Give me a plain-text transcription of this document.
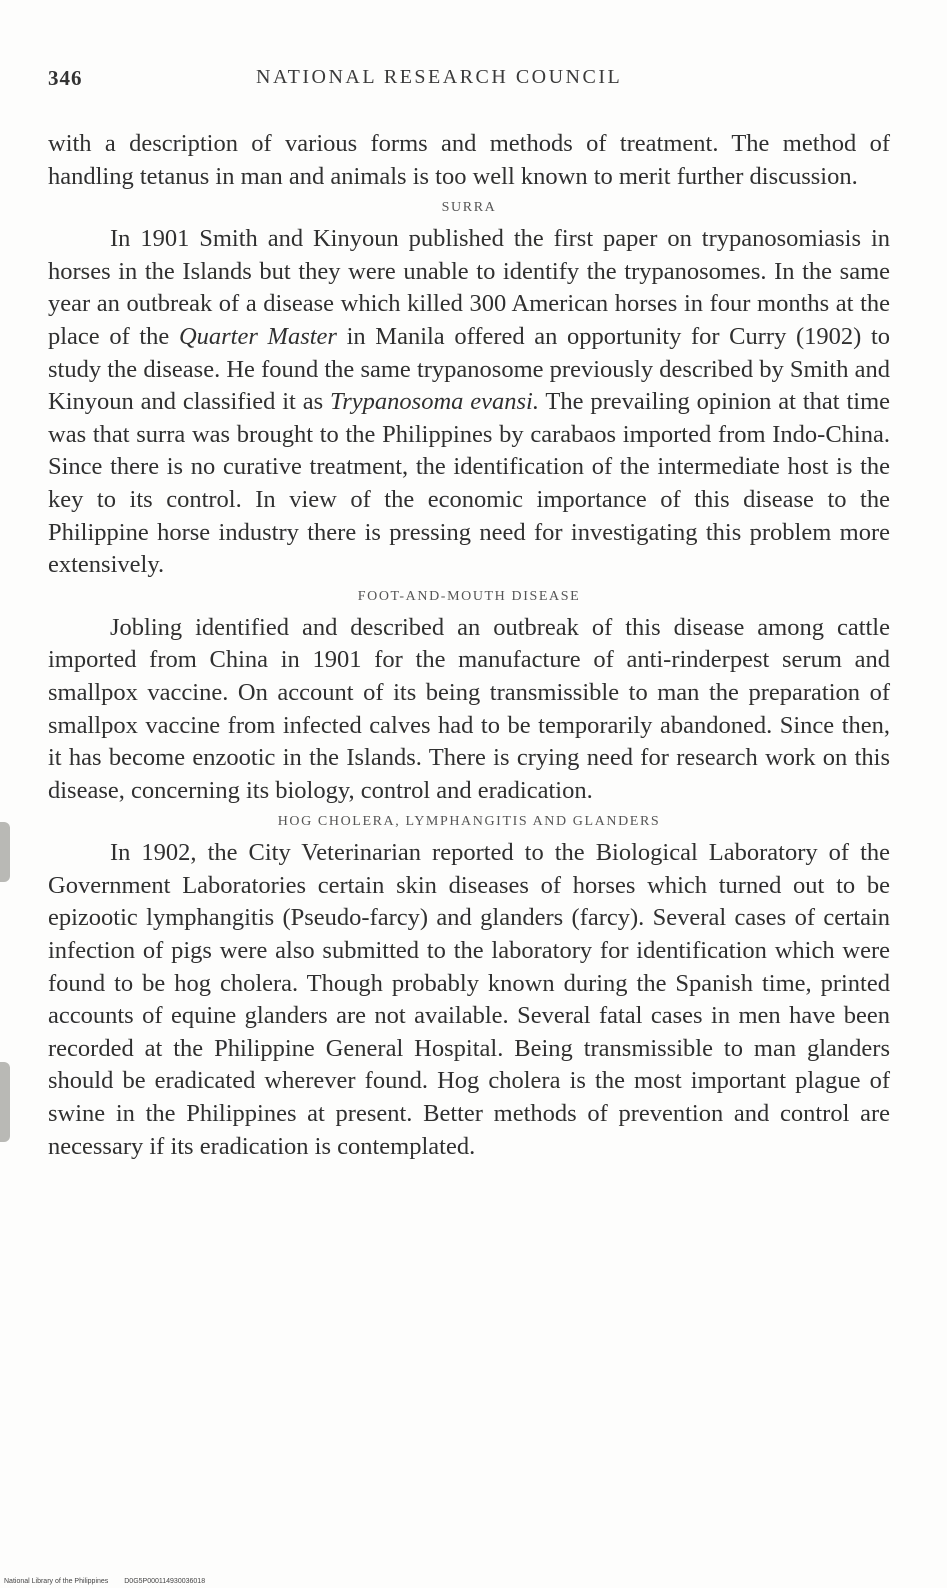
346	NATIONAL RESEARCH COUNCIL

with a description of various forms and methods of treatment. The method of handling tetanus in man and animals is too well known to merit further discussion.

SURRA

In 1901 Smith and Kinyoun published the first paper on trypanosomiasis in horses in the Islands but they were unable to identify the trypanosomes. In the same year an outbreak of a disease which killed 300 American horses in four months at the place of the Quarter Master in Manila offered an opportunity for Curry (1902) to study the disease. He found the same trypanosome previously described by Smith and Kinyoun and classified it as Trypanosoma evansi. The prevailing opinion at that time was that surra was brought to the Philippines by carabaos imported from Indo-China. Since there is no curative treatment, the identification of the intermediate host is the key to its control. In view of the economic importance of this disease to the Philippine horse industry there is pressing need for investigating this problem more extensively.

FOOT-AND-MOUTH DISEASE

Jobling identified and described an outbreak of this disease among cattle imported from China in 1901 for the manufacture of anti-rinderpest serum and smallpox vaccine. On account of its being transmissible to man the preparation of smallpox vaccine from infected calves had to be temporarily abandoned. Since then, it has become enzootic in the Islands. There is crying need for research work on this disease, concerning its biology, control and eradication.

HOG CHOLERA, LYMPHANGITIS AND GLANDERS

In 1902, the City Veterinarian reported to the Biological Laboratory of the Government Laboratories certain skin diseases of horses which turned out to be epizootic lymphangitis (Pseudo-farcy) and glanders (farcy). Several cases of certain infection of pigs were also submitted to the laboratory for identification which were found to be hog cholera. Though probably known during the Spanish time, printed accounts of equine glanders are not available. Several fatal cases in men have been recorded at the Philippine General Hospital. Being transmissible to man glanders should be eradicated wherever found. Hog cholera is the most important plague of swine in the Philippines at present. Better methods of prevention and control are necessary if its eradication is contemplated.

National Library of the Philippines D0G5P000114930036018
